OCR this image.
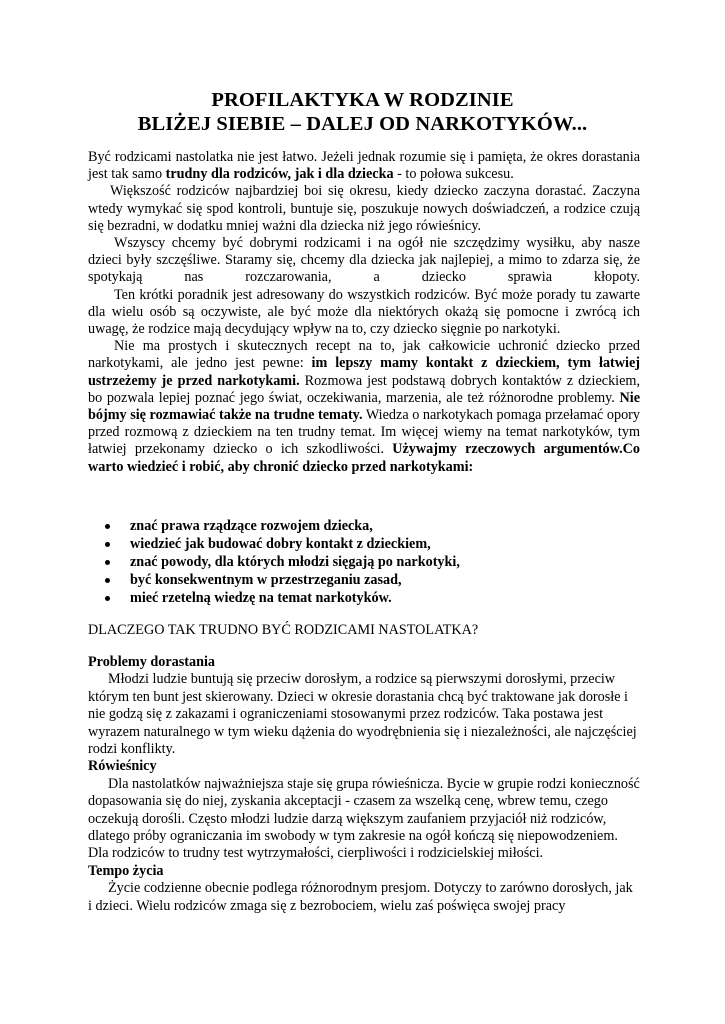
PROFILAKTYKA W RODZINIE
BLIŻEJ SIEBIE – DALEJ OD NARKOTYKÓW...

Być rodzicami nastolatka nie jest łatwo. Jeżeli jednak rozumie się i pamięta, że okres dorastania jest tak samo trudny dla rodziców, jak i dla dziecka - to połowa sukcesu.

Większość rodziców najbardziej boi się okresu, kiedy dziecko zaczyna dorastać. Zaczyna wtedy wymykać się spod kontroli, buntuje się, poszukuje nowych doświadczeń, a rodzice czują się bezradni, w dodatku mniej ważni dla dziecka niż jego rówieśnicy.

Wszyscy chcemy być dobrymi rodzicami i na ogół nie szczędzimy wysiłku, aby nasze dzieci były szczęśliwe. Staramy się, chcemy dla dziecka jak najlepiej, a mimo to zdarza się, że spotykają nas rozczarowania, a dziecko sprawia kłopoty.

Ten krótki poradnik jest adresowany do wszystkich rodziców. Być może porady tu zawarte dla wielu osób są oczywiste, ale być może dla niektórych okażą się pomocne i zwrócą ich uwagę, że rodzice mają decydujący wpływ na to, czy dziecko sięgnie po narkotyki.

Nie ma prostych i skutecznych recept na to, jak całkowicie uchronić dziecko przed narkotykami, ale jedno jest pewne: im lepszy mamy kontakt z dzieckiem, tym łatwiej ustrzeżemy je przed narkotykami. Rozmowa jest podstawą dobrych kontaktów z dzieckiem, bo pozwala lepiej poznać jego świat, oczekiwania, marzenia, ale też różnorodne problemy. Nie bójmy się rozmawiać także na trudne tematy. Wiedza o narkotykach pomaga przełamać opory przed rozmową z dzieckiem na ten trudny temat. Im więcej wiemy na temat narkotyków, tym łatwiej przekonamy dziecko o ich szkodliwości. Używajmy rzeczowych argumentów.Co warto wiedzieć i robić, aby chronić dziecko przed narkotykami:

znać prawa rządzące rozwojem dziecka,
wiedzieć jak budować dobry kontakt z dzieckiem,
znać powody, dla których młodzi sięgają po narkotyki,
być konsekwentnym w przestrzeganiu zasad,
mieć rzetelną wiedzę na temat narkotyków.
DLACZEGO TAK TRUDNO BYĆ RODZICAMI NASTOLATKA?

Problemy dorastania

Młodzi ludzie buntują się przeciw dorosłym, a rodzice są pierwszymi dorosłymi, przeciw którym ten bunt jest skierowany. Dzieci w okresie dorastania chcą być traktowane jak dorosłe i nie godzą się z zakazami i ograniczeniami stosowanymi przez rodziców. Taka postawa jest wyrazem naturalnego w tym wieku dążenia do wyodrębnienia się i niezależności, ale najczęściej rodzi konflikty.

Rówieśnicy

Dla nastolatków najważniejsza staje się grupa rówieśnicza. Bycie w grupie rodzi konieczność dopasowania się do niej, zyskania akceptacji - czasem za wszelką cenę, wbrew temu, czego oczekują dorośli. Często młodzi ludzie darzą większym zaufaniem przyjaciół niż rodziców, dlatego próby ograniczania im swobody w tym zakresie na ogół kończą się niepowodzeniem. Dla rodziców to trudny test wytrzymałości, cierpliwości i rodzicielskiej miłości.

Tempo życia

Życie codzienne obecnie podlega różnorodnym presjom. Dotyczy to zarówno dorosłych, jak i dzieci. Wielu rodziców zmaga się z bezrobociem, wielu zaś poświęca swojej pracy
